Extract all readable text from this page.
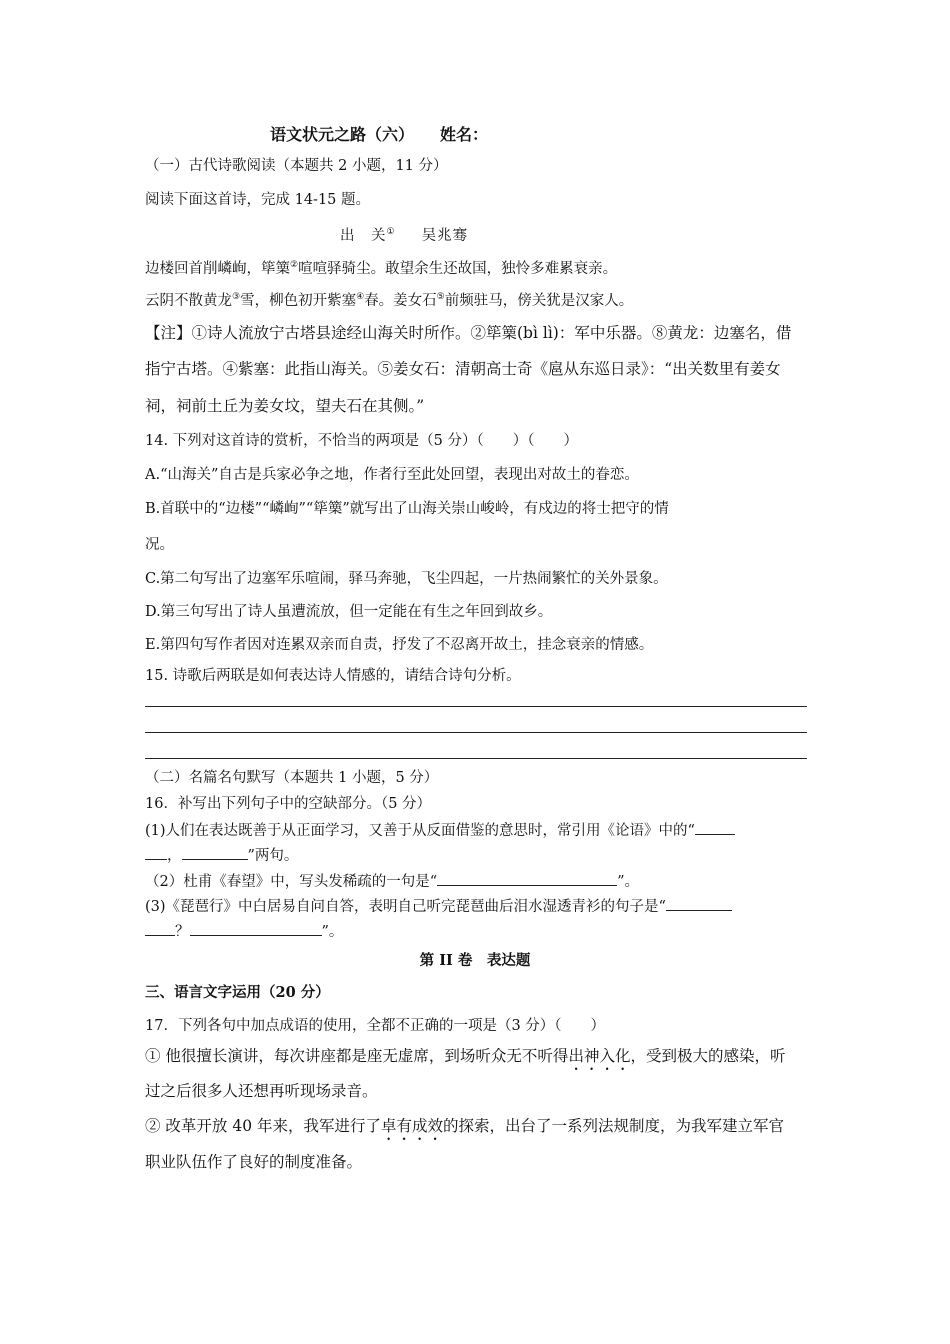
语文状元之路（六） 姓名：
（一）古代诗歌阅读（本题共 2 小题，11 分）
阅读下面这首诗，完成 14-15 题。
出　关① 吴兆骞
边楼回首削嶙峋，筚篥②喧喧驿骑尘。敢望余生还故国，独怜多难累衰亲。
云阴不散黄龙③雪，柳色初开紫塞④春。姜女石⑤前频驻马，傍关犹是汉家人。
【注】①诗人流放宁古塔县途经山海关时所作。②筚篥(bì lì)：军中乐器。⑧黄龙：边塞名，借
指宁古塔。④紫塞：此指山海关。⑤姜女石：清朝高士奇《扈从东巡日录》：“出关数里有姜女
祠，祠前土丘为姜女坟，望夫石在其侧。”
14. 下列对这首诗的赏析，不恰当的两项是（5 分）（　　）（　　）
A.“山海关”自古是兵家必争之地，作者行至此处回望，表现出对故土的眷恋。
B.首联中的“边楼”“嶙峋”“筚篥”就写出了山海关崇山峻岭，有戍边的将士把守的情
况。
C.第二句写出了边塞军乐喧闹，驿马奔驰，飞尘四起，一片热闹繁忙的关外景象。
D.第三句写出了诗人虽遭流放，但一定能在有生之年回到故乡。
E.第四句写作者因对连累双亲而自责，抒发了不忍离开故土，挂念衰亲的情感。
15. 诗歌后两联是如何表达诗人情感的，请结合诗句分析。
（二）名篇名句默写（本题共 1 小题，5 分）
16．补写出下列句子中的空缺部分。（5 分）
(1)人们在表达既善于从正面学习，又善于从反面借鉴的意思时，常引用《论语》中的“
，	”两句。
（2）杜甫《春望》中，写头发稀疏的一句是“	”。
(3)《琵琶行》中白居易自问自答，表明自己听完琵琶曲后泪水湿透青衫的句子是“
？	”。
第 II 卷　表达题
三、语言文字运用（20 分）
17．下列各句中加点成语的使用，全都不正确的一项是（3 分）（　　）
① 他很擅长演讲，每次讲座都是座无虚席，到场听众无不听得出神入化，受到极大的感染，听
过之后很多人还想再听现场录音。
② 改革开放 40 年来，我军进行了卓有成效的探索，出台了一系列法规制度，为我军建立军官
职业队伍作了良好的制度准备。
